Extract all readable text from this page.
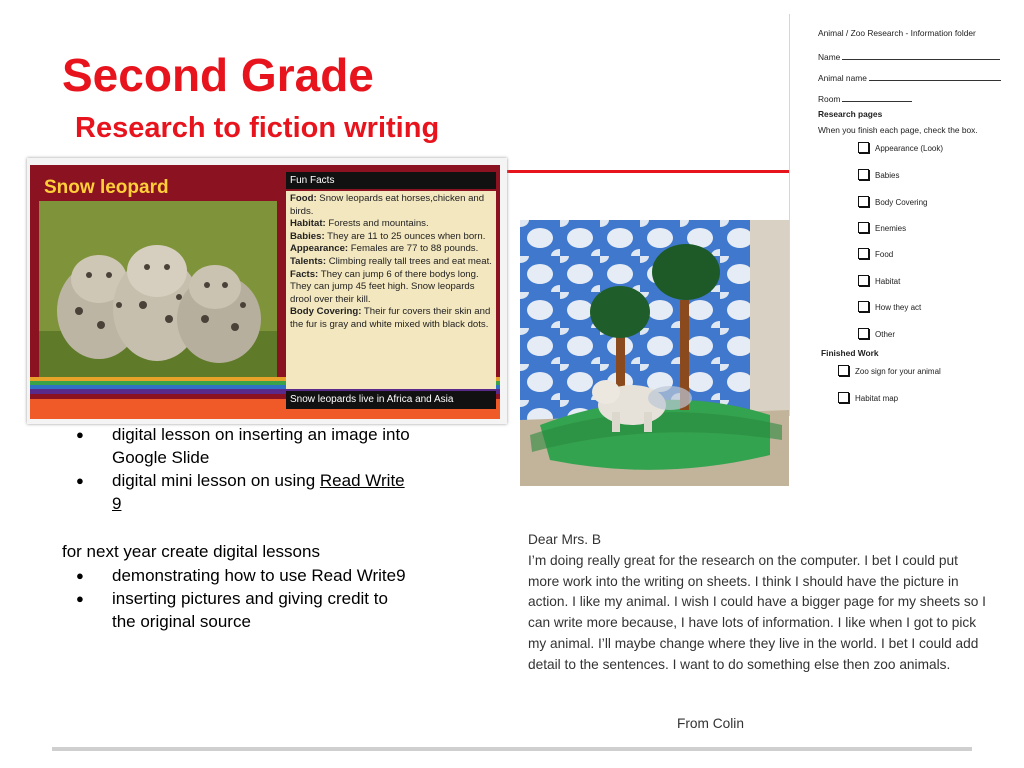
Second Grade
Research to fiction writing
Snow leopard	Fun Facts

Food: Snow leopards eat horses,chicken and birds.

Habitat: Forests and mountains.

Babies: They are 11 to 25 ounces when born.

Appearance: Females are 77 to 88 pounds.

Talents: Climbing really tall trees and eat meat.

Facts: They can jump 6 of there bodys long. They can jump 45 feet high. Snow leopards drool over their kill.

Body Covering: Their fur covers their skin and the fur is gray and white mixed with black dots.

Snow leopards live in Africa and Asia
● digital lesson on inserting an image into Google Slide
● digital mini lesson on using Read Write 9

for next year create digital lessons

● demonstrating how to use Read Write9
● inserting pictures and giving credit to the original source
Animal / Zoo Research - Information folder
Name
Animal name
Room
Research pages
When you finish each page, check the box.
Appearance (Look)
Babies
Body Covering
Enemies
Food
Habitat
How they act
Other
Finished Work
Zoo sign for your animal
Habitat map

Dear Mrs. B

I’m doing really great for the research on the computer. I bet I could put more work into the writing on sheets. I think I should have the picture in action. I like my animal. I wish I could have a bigger page for my sheets so I can write more because, I have lots of information. I like when I got to pick my animal. I’ll maybe change where they live in the world. I bet I could add detail to the sentences. I want to do something else then zoo animals.

From Colin
